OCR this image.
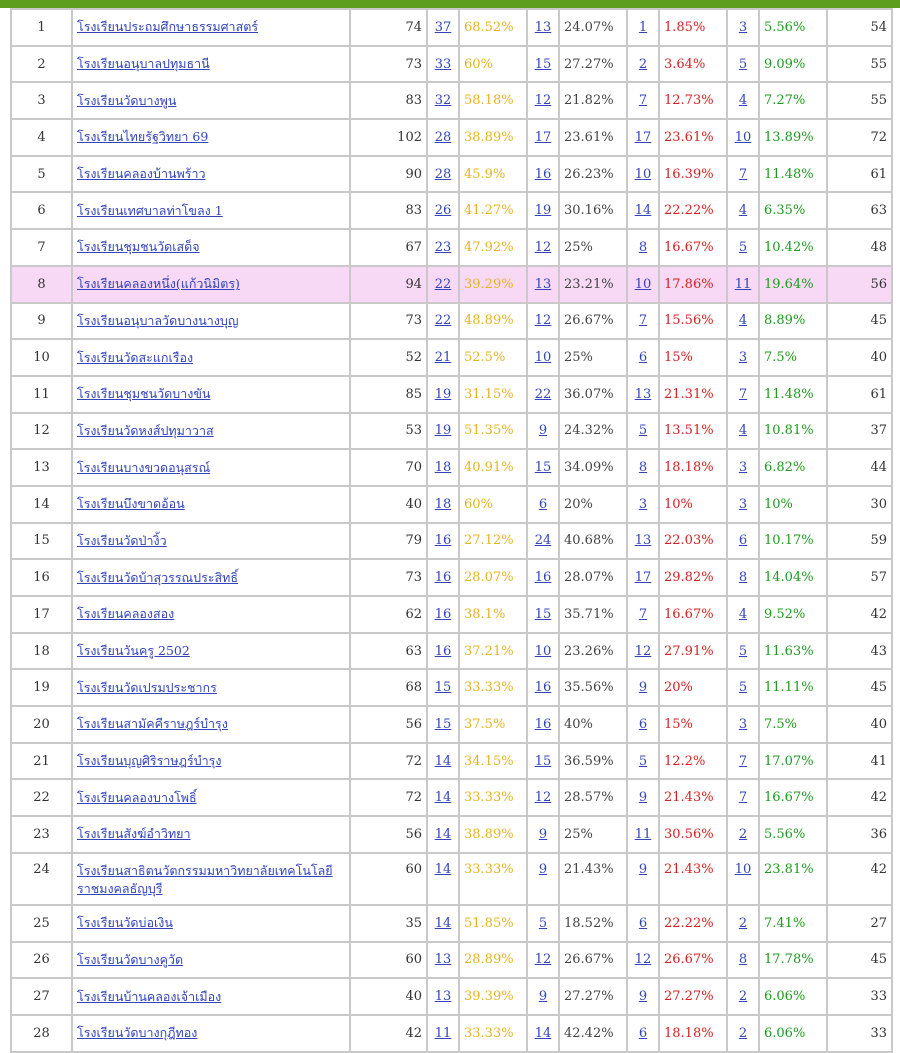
1	โรงเรียนประถมศึกษาธรรมศาสตร์	74	37	68.52%	13	24.07%	1	1.85%	3	5.56%	54
2	โรงเรียนอนุบาลปทุมธานี	73	33	60%	15	27.27%	2	3.64%	5	9.09%	55
3	โรงเรียนวัดบางพูน	83	32	58.18%	12	21.82%	7	12.73%	4	7.27%	55
4	โรงเรียนไทยรัฐวิทยา 69	102	28	38.89%	17	23.61%	17	23.61%	10	13.89%	72
5	โรงเรียนคลองบ้านพร้าว	90	28	45.9%	16	26.23%	10	16.39%	7	11.48%	61
6	โรงเรียนเทศบาลท่าโขลง 1	83	26	41.27%	19	30.16%	14	22.22%	4	6.35%	63
7	โรงเรียนชุมชนวัดเสด็จ	67	23	47.92%	12	25%	8	16.67%	5	10.42%	48
8	โรงเรียนคลองหนึ่ง(แก้วนิมิตร)	94	22	39.29%	13	23.21%	10	17.86%	11	19.64%	56
9	โรงเรียนอนุบาลวัดบางนางบุญ	73	22	48.89%	12	26.67%	7	15.56%	4	8.89%	45
10	โรงเรียนวัดสะแกเรือง	52	21	52.5%	10	25%	6	15%	3	7.5%	40
11	โรงเรียนชุมชนวัดบางขัน	85	19	31.15%	22	36.07%	13	21.31%	7	11.48%	61
12	โรงเรียนวัดหงส์ปทุมาวาส	53	19	51.35%	9	24.32%	5	13.51%	4	10.81%	37
13	โรงเรียนบางขวดอนุสรณ์	70	18	40.91%	15	34.09%	8	18.18%	3	6.82%	44
14	โรงเรียนบึงขาดอ้อน	40	18	60%	6	20%	3	10%	3	10%	30
15	โรงเรียนวัดป่างิ้ว	79	16	27.12%	24	40.68%	13	22.03%	6	10.17%	59
16	โรงเรียนวัดบ้าสุวรรณประสิทธิ์	73	16	28.07%	16	28.07%	17	29.82%	8	14.04%	57
17	โรงเรียนคลองสอง	62	16	38.1%	15	35.71%	7	16.67%	4	9.52%	42
18	โรงเรียนวันครู 2502	63	16	37.21%	10	23.26%	12	27.91%	5	11.63%	43
19	โรงเรียนวัดเปรมประชากร	68	15	33.33%	16	35.56%	9	20%	5	11.11%	45
20	โรงเรียนสามัคคีราษฎร์บำรุง	56	15	37.5%	16	40%	6	15%	3	7.5%	40
21	โรงเรียนบุญศิริราษฎร์บำรุง	72	14	34.15%	15	36.59%	5	12.2%	7	17.07%	41
22	โรงเรียนคลองบางโพธิ์	72	14	33.33%	12	28.57%	9	21.43%	7	16.67%	42
23	โรงเรียนสังฆ์อำวิทยา	56	14	38.89%	9	25%	11	30.56%	2	5.56%	36
24	โรงเรียนสาธิตนวัตกรรมมหาวิทยาลัยเทคโนโลยีราชมงคลธัญบุรี	60	14	33.33%	9	21.43%	9	21.43%	10	23.81%	42
25	โรงเรียนวัดบ่อเงิน	35	14	51.85%	5	18.52%	6	22.22%	2	7.41%	27
26	โรงเรียนวัดบางคูวัด	60	13	28.89%	12	26.67%	12	26.67%	8	17.78%	45
27	โรงเรียนบ้านคลองเจ้าเมือง	40	13	39.39%	9	27.27%	9	27.27%	2	6.06%	33
28	โรงเรียนวัดบางกุฎีทอง	42	11	33.33%	14	42.42%	6	18.18%	2	6.06%	33
